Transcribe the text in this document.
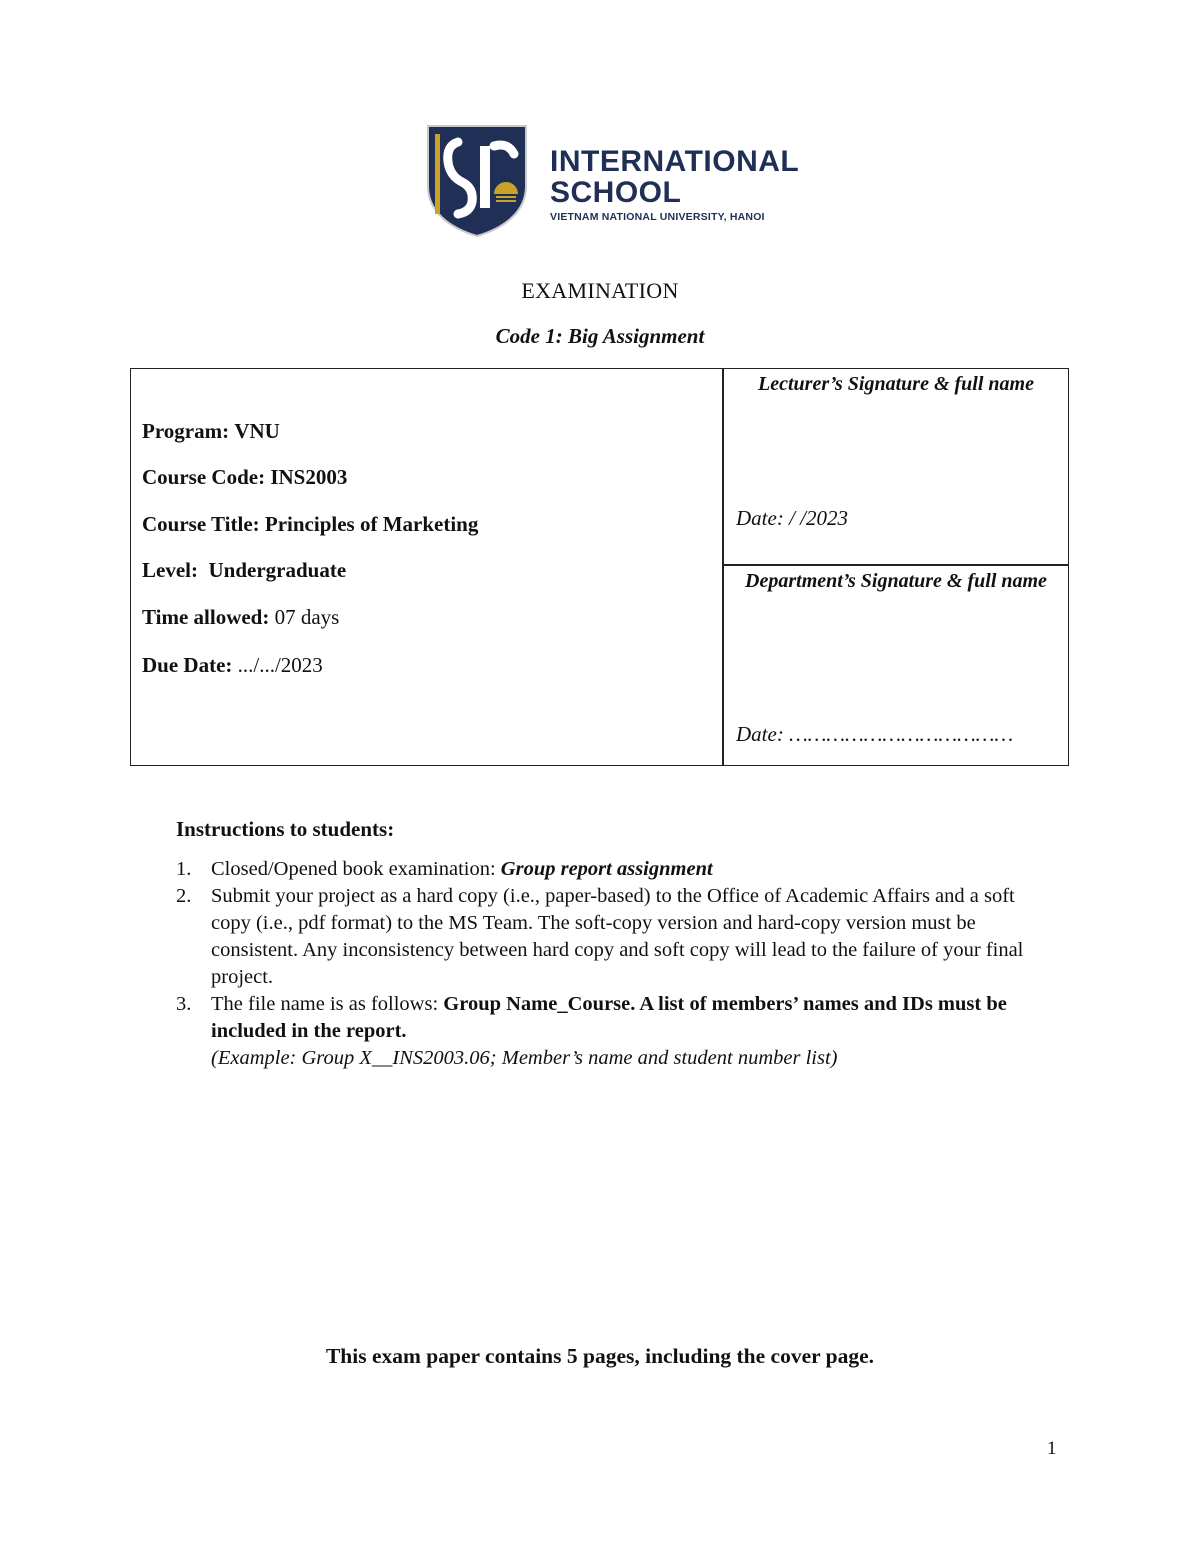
INTERNATIONAL
SCHOOL
VIETNAM NATIONAL UNIVERSITY, HANOI
EXAMINATION
Code 1: Big Assignment
Program: VNU
Course Code: INS2003
Course Title: Principles of Marketing
Level: Undergraduate
Time allowed: 07 days
Due Date: .../.../2023
Lecturer’s Signature & full name
Date: / /2023
Department’s Signature & full name
Date: ………………………………
Instructions to students:
1. Closed/Opened book examination: Group report assignment
2. Submit your project as a hard copy (i.e., paper-based) to the Office of Academic Affairs and a soft copy (i.e., pdf format) to the MS Team. The soft-copy version and hard-copy version must be consistent. Any inconsistency between hard copy and soft copy will lead to the failure of your final project.
3. The file name is as follows: Group Name_Course. A list of members’ names and IDs must be included in the report.
(Example: Group X__INS2003.06; Member’s name and student number list)
This exam paper contains 5 pages, including the cover page.
1
